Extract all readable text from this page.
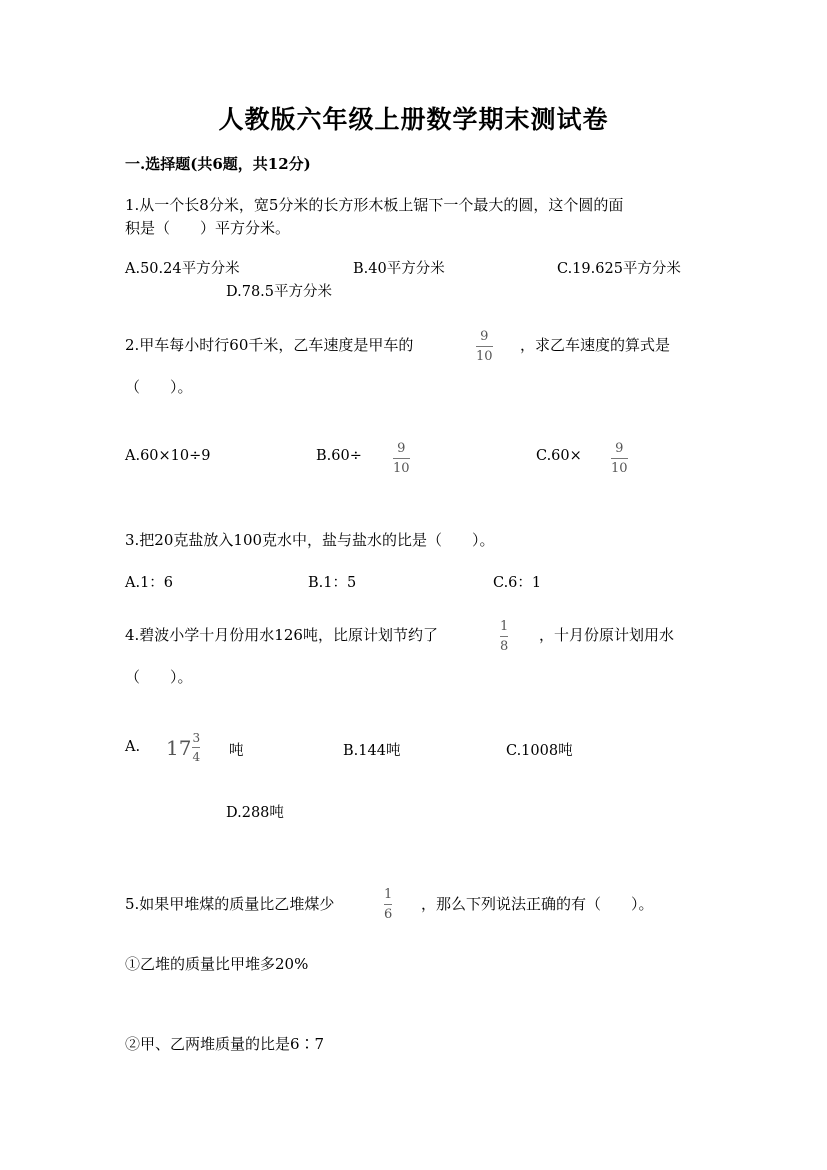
人教版六年级上册数学期末测试卷
一.选择题(共6题，共12分)
1.从一个长8分米，宽5分米的长方形木板上锯下一个最大的圆，这个圆的面
积是（　　）平方分米。
A.50.24平方分米	B.40平方分米	C.19.625平方分米
D.78.5平方分米
2.甲车每小时行60千米，乙车速度是甲车的	9
10
，求乙车速度的算式是
（　　）。
A.60×10÷9	B.60÷	9
10
C.60×	9
10
3.把20克盐放入100克水中，盐与盐水的比是（　　）。
A.1：6	B.1：5	C.6：1
4.碧波小学十月份用水126吨，比原计划节约了	1
8
，十月份原计划用水
（　　）。
A. $17 \frac{3}{4}$ 吨	B.144吨	C.1008吨
D.288吨
5.如果甲堆煤的质量比乙堆煤少
1
6
，那么下列说法正确的有（　　）。
①乙堆的质量比甲堆多20%
②甲、乙两堆质量的比是6∶7
